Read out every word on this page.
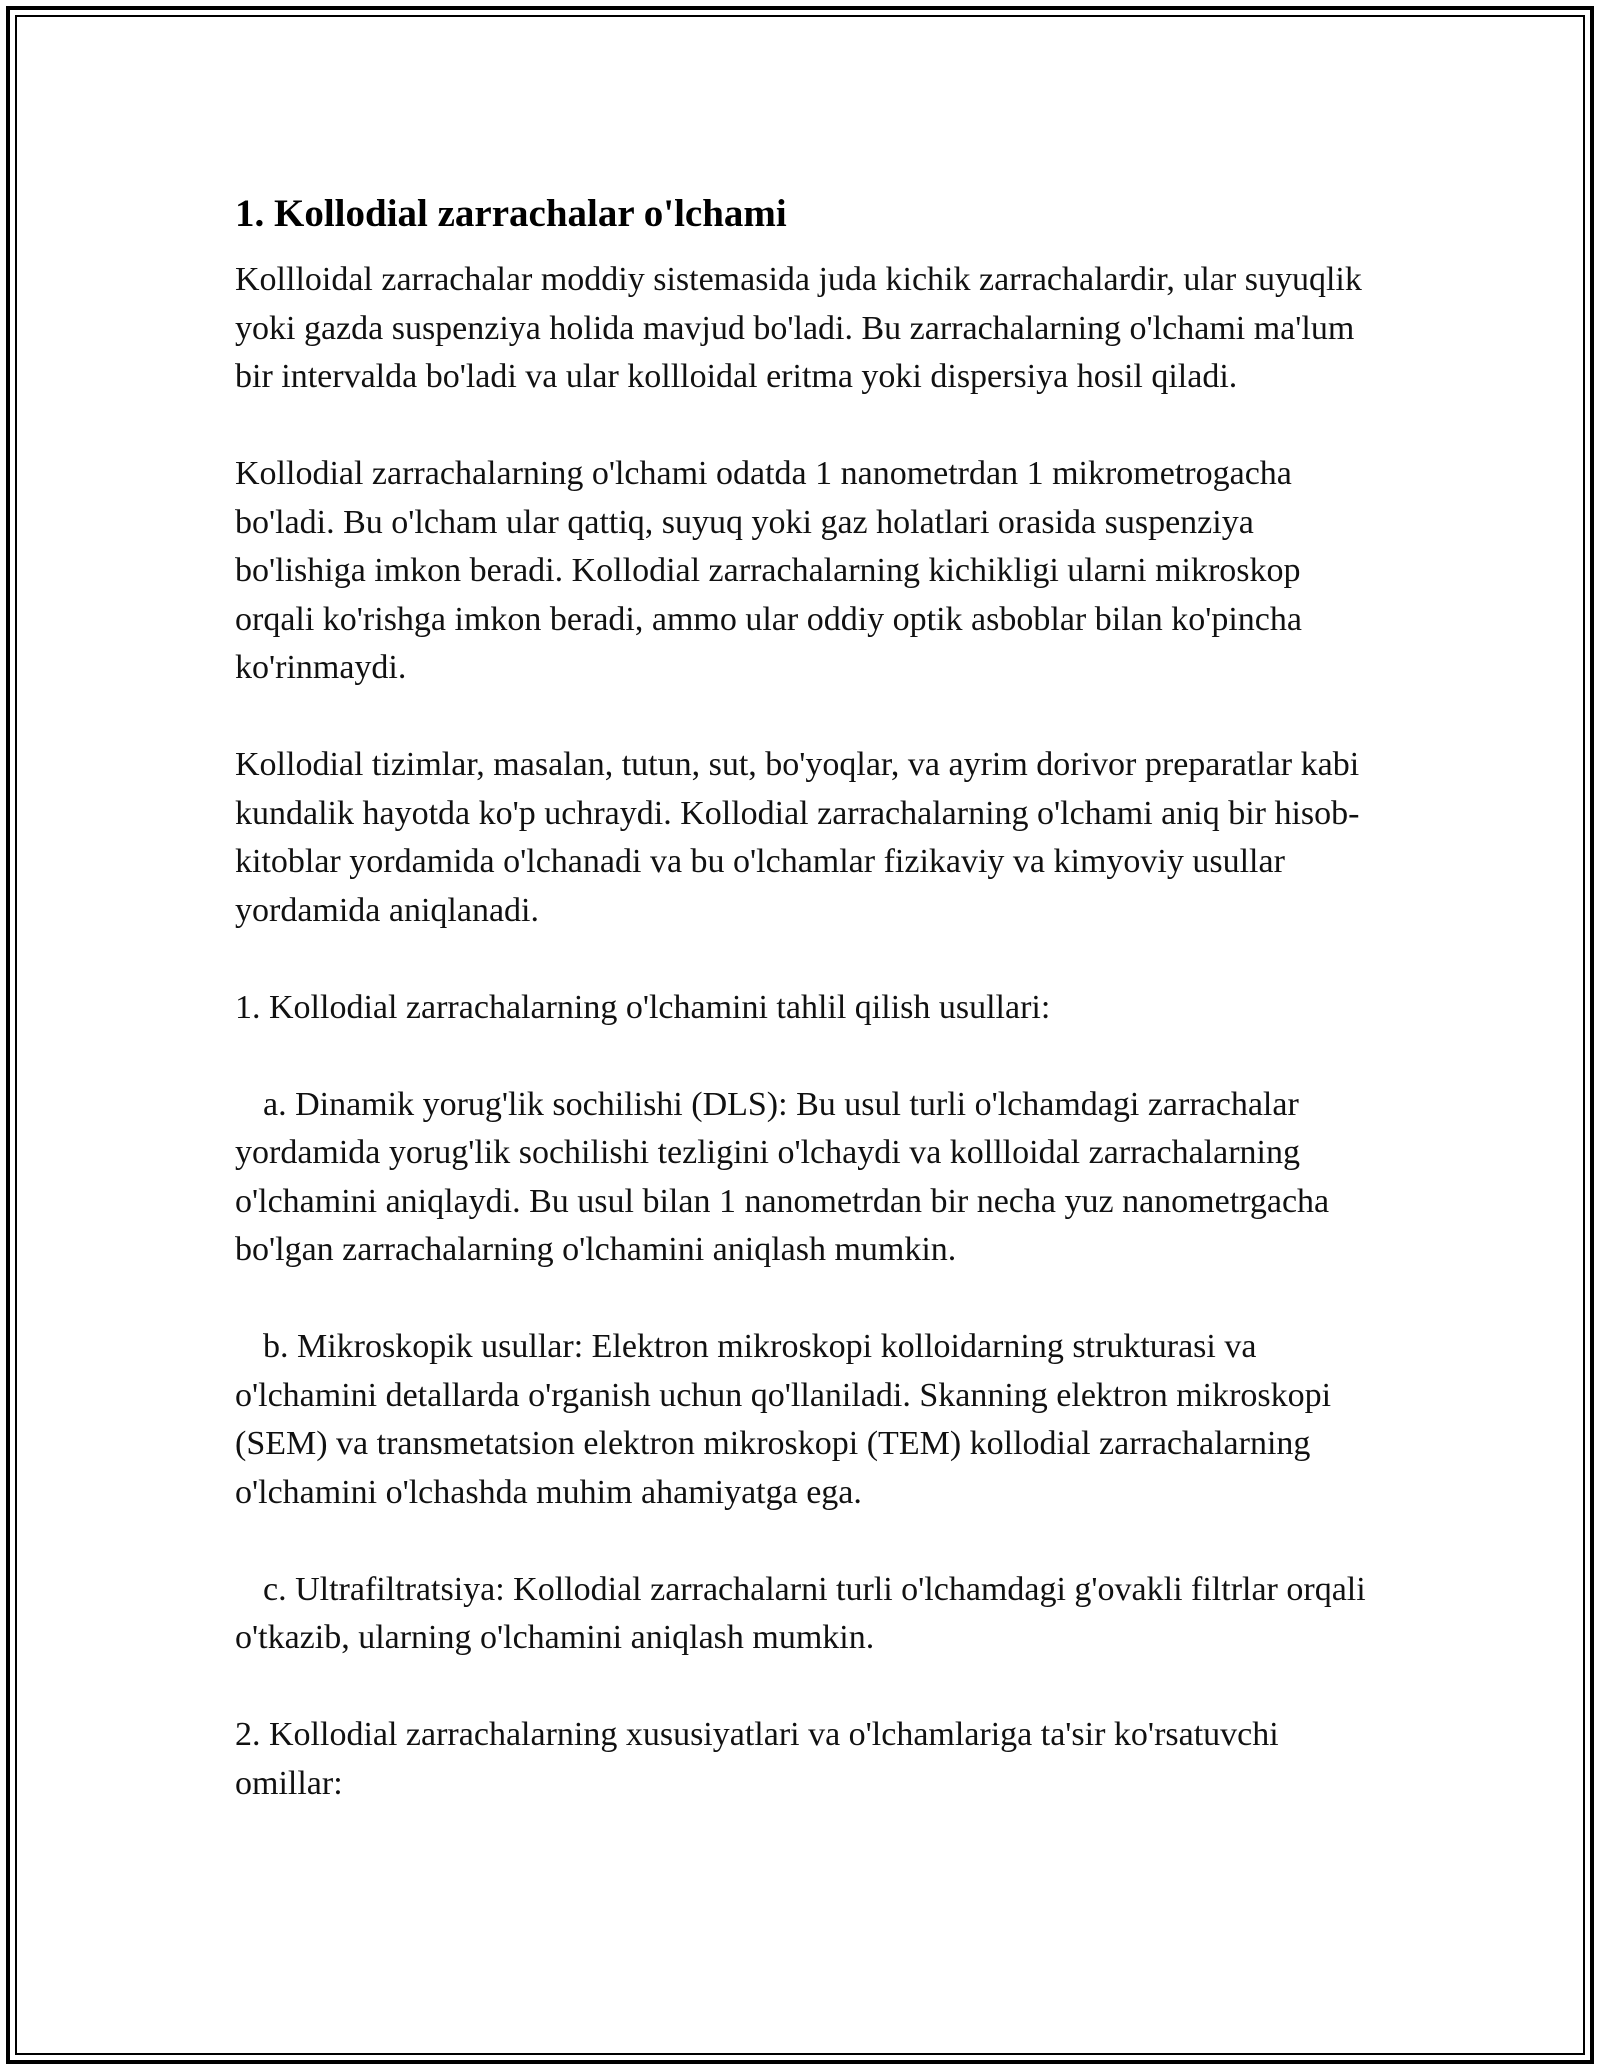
1. Kollodial zarrachalar o'lchami

Kollloidal zarrachalar moddiy sistemasida juda kichik zarrachalardir, ular suyuqlik yoki gazda suspenziya holida mavjud bo'ladi. Bu zarrachalarning o'lchami ma'lum bir intervalda bo'ladi va ular kollloidal eritma yoki dispersiya hosil qiladi.

Kollodial zarrachalarning o'lchami odatda 1 nanometrdan 1 mikrometrogacha bo'ladi. Bu o'lcham ular qattiq, suyuq yoki gaz holatlari orasida suspenziya bo'lishiga imkon beradi. Kollodial zarrachalarning kichikligi ularni mikroskop orqali ko'rishga imkon beradi, ammo ular oddiy optik asboblar bilan ko'pincha ko'rinmaydi.

Kollodial tizimlar, masalan, tutun, sut, bo'yoqlar, va ayrim dorivor preparatlar kabi kundalik hayotda ko'p uchraydi. Kollodial zarrachalarning o'lchami aniq bir hisob-kitoblar yordamida o'lchanadi va bu o'lchamlar fizikaviy va kimyoviy usullar yordamida aniqlanadi.

1. Kollodial zarrachalarning o'lchamini tahlil qilish usullari:

a. Dinamik yorug'lik sochilishi (DLS): Bu usul turli o'lchamdagi zarrachalar yordamida yorug'lik sochilishi tezligini o'lchaydi va kollloidal zarrachalarning o'lchamini aniqlaydi. Bu usul bilan 1 nanometrdan bir necha yuz nanometrgacha bo'lgan zarrachalarning o'lchamini aniqlash mumkin.

b. Mikroskopik usullar: Elektron mikroskopi kolloidarning strukturasi va o'lchamini detallarda o'rganish uchun qo'llaniladi. Skanning elektron mikroskopi (SEM) va transmetatsion elektron mikroskopi (TEM) kollodial zarrachalarning o'lchamini o'lchashda muhim ahamiyatga ega.

c. Ultrafiltratsiya: Kollodial zarrachalarni turli o'lchamdagi g'ovakli filtrlar orqali o'tkazib, ularning o'lchamini aniqlash mumkin.

2. Kollodial zarrachalarning xususiyatlari va o'lchamlariga ta'sir ko'rsatuvchi omillar:
